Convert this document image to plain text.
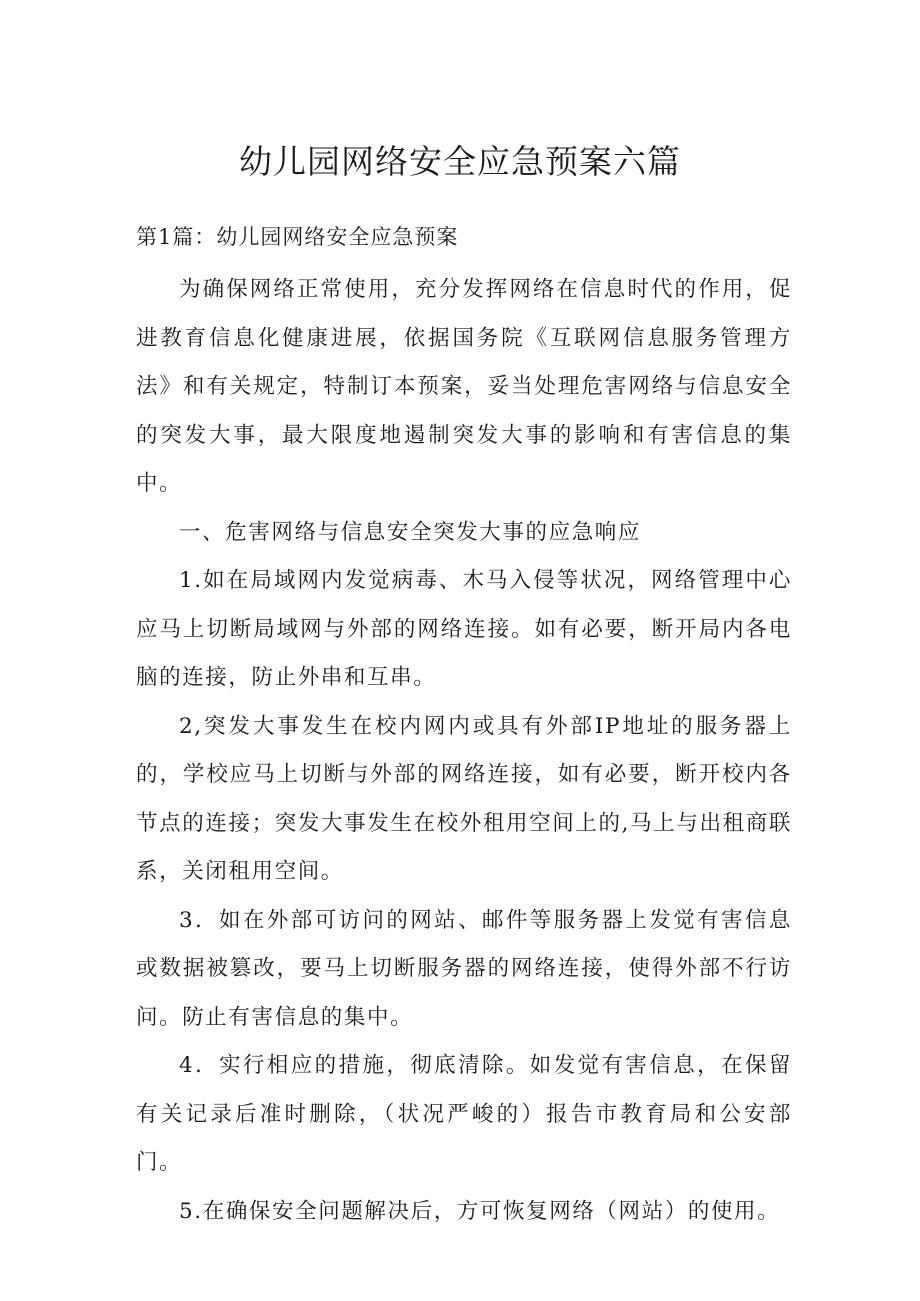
幼儿园网络安全应急预案六篇
第1篇：幼儿园网络安全应急预案

为确保网络正常使用，充分发挥网络在信息时代的作用，促进教育信息化健康进展，依据国务院《互联网信息服务管理方法》和有关规定，特制订本预案，妥当处理危害网络与信息安全的突发大事，最大限度地遏制突发大事的影响和有害信息的集中。

一、危害网络与信息安全突发大事的应急响应

1.如在局域网内发觉病毒、木马入侵等状况，网络管理中心应马上切断局域网与外部的网络连接。如有必要，断开局内各电脑的连接，防止外串和互串。

2,突发大事发生在校内网内或具有外部IP地址的服务器上的，学校应马上切断与外部的网络连接，如有必要，断开校内各节点的连接；突发大事发生在校外租用空间上的,马上与出租商联系，关闭租用空间。

3．如在外部可访问的网站、邮件等服务器上发觉有害信息或数据被篡改，要马上切断服务器的网络连接，使得外部不行访问。防止有害信息的集中。

4．实行相应的措施，彻底清除。如发觉有害信息，在保留有关记录后准时删除，（状况严峻的）报告市教育局和公安部门。

5.在确保安全问题解决后，方可恢复网络（网站）的使用。
